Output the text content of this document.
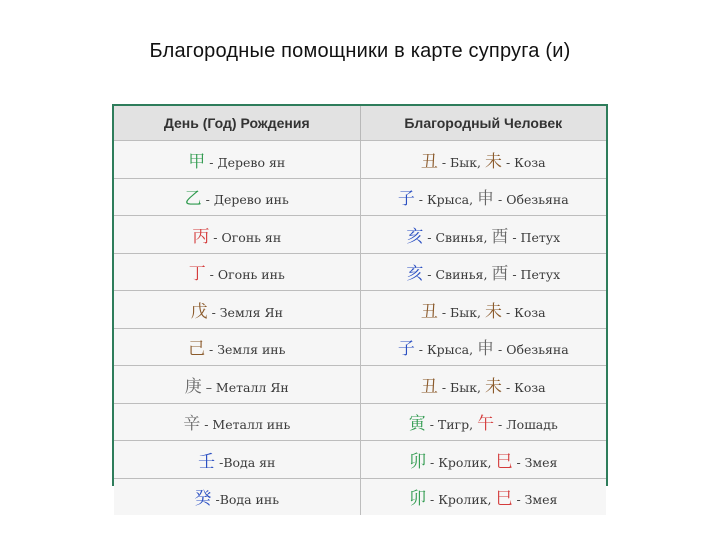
Благородные помощники в карте супруга (и)
День (Год) Рождения	Благородный Человек
甲 - Дерево ян	丑 - Бык, 未 - Коза
乙 - Дерево инь	子 - Крыса, 申 - Обезьяна
丙 - Огонь ян	亥 - Свинья, 酉 - Петух
丁 - Огонь инь	亥 - Свинья, 酉 - Петух
戊 - Земля Ян	丑 - Бык, 未 - Коза
己 - Земля инь	子 - Крыса, 申 - Обезьяна
庚 – Металл Ян	丑 - Бык, 未 - Коза
辛 - Металл инь	寅 - Тигр, 午 - Лошадь
壬 -Вода ян	卯 - Кролик, 巳 - Змея
癸 -Вода инь	卯 - Кролик, 巳 - Змея
